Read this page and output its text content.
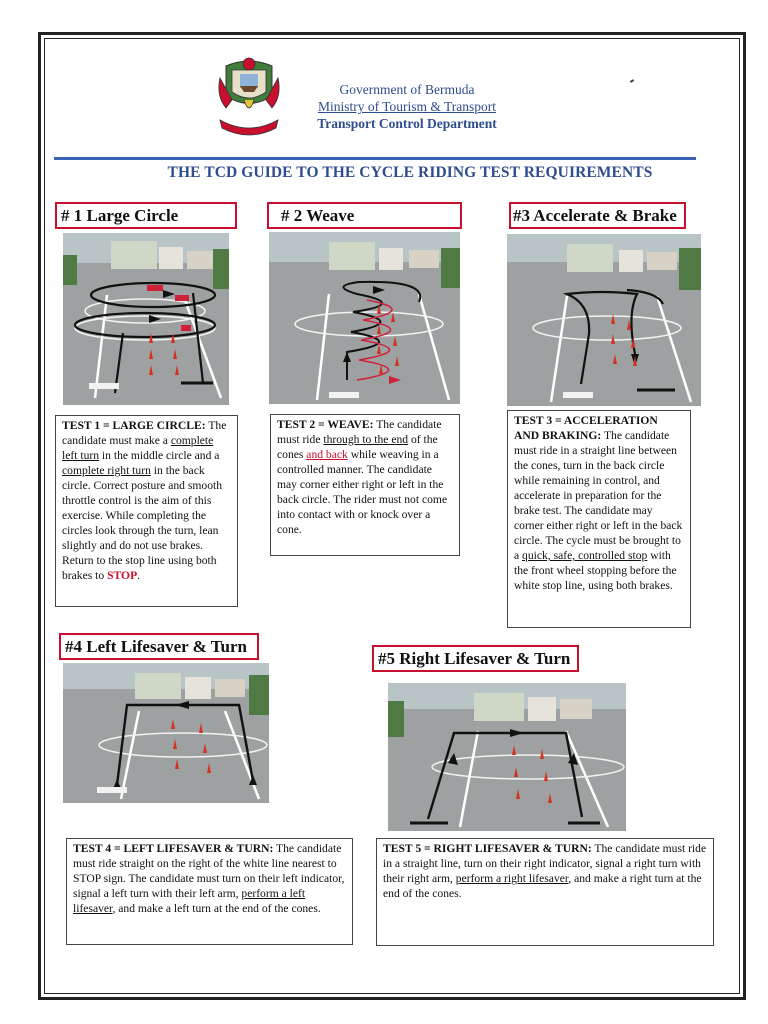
Government of Bermuda
Ministry of Tourism & Transport
Transport Control Department
THE TCD GUIDE TO THE CYCLE RIDING TEST REQUIREMENTS
# 1 Large Circle
TEST 1 = LARGE CIRCLE: The candidate must make a complete left turn in the middle circle and a complete right turn in the back circle. Correct posture and smooth throttle control is the aim of this exercise. While completing the circles look through the turn, lean slightly and do not use brakes. Return to the stop line using both brakes to STOP.
# 2 Weave
TEST 2 = WEAVE: The candidate must ride through to the end of the cones and back while weaving in a controlled manner. The candidate may corner either right or left in the back circle. The rider must not come into contact with or knock over a cone.
#3 Accelerate & Brake
TEST 3 = ACCELERATION AND BRAKING: The candidate must ride in a straight line between the cones, turn in the back circle while remaining in control, and accelerate in preparation for the brake test. The candidate may corner either right or left in the back circle. The cycle must be brought to a quick, safe, controlled stop with the front wheel stopping before the white stop line, using both brakes.
#4 Left Lifesaver & Turn
TEST 4 = LEFT LIFESAVER & TURN: The candidate must ride straight on the right of the white line nearest to STOP sign. The candidate must turn on their left indicator, signal a left turn with their left arm, perform a left lifesaver, and make a left turn at the end of the cones.
#5 Right Lifesaver & Turn
TEST 5 = RIGHT LIFESAVER & TURN: The candidate must ride in a straight line, turn on their right indicator, signal a right turn with their right arm, perform a right lifesaver, and make a right turn at the end of the cones.
